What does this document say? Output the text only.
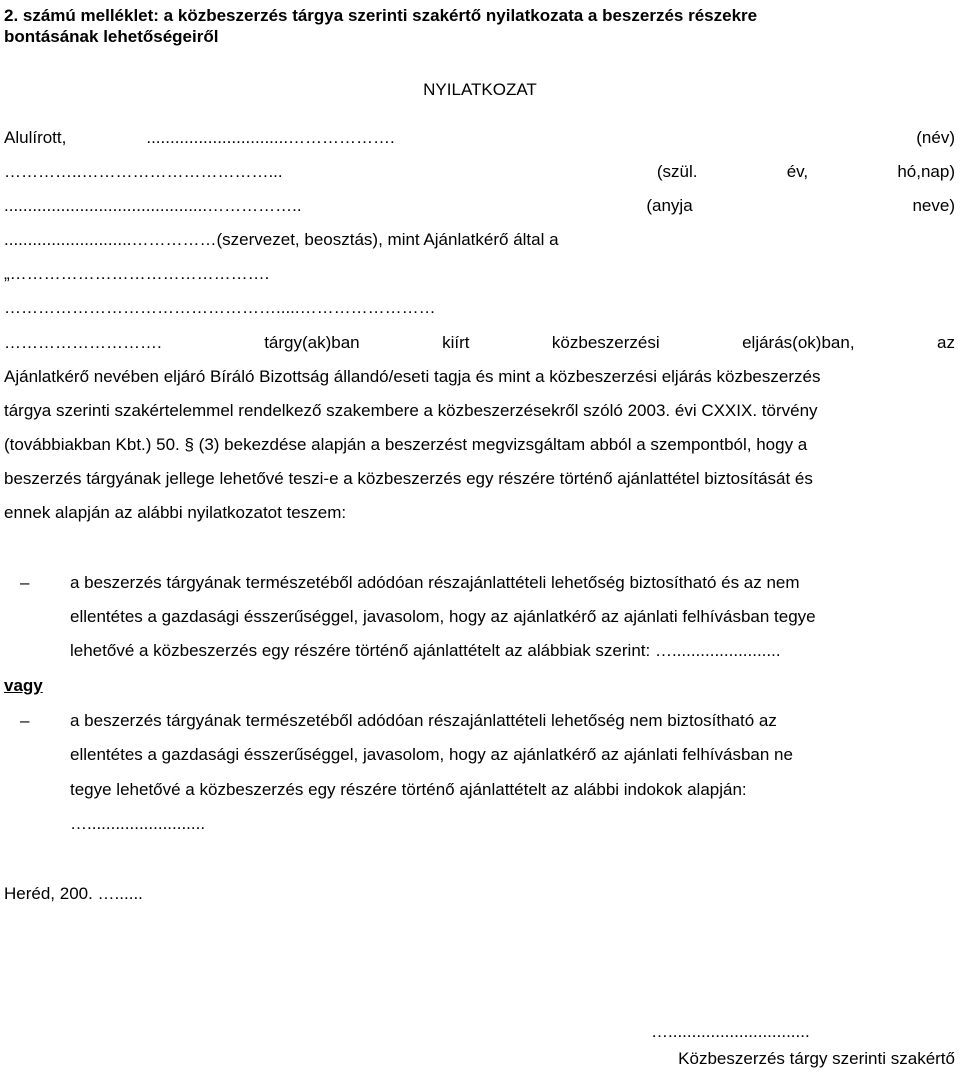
2. számú melléklet: a közbeszerzés tárgya szerinti szakértő nyilatkozata a beszerzés részekre
bontásának lehetőségeiről
NYILATKOZAT
Alulírott,	..............................……………….	(név)
…………..……………………………...	(szül.	év,	hó,nap)
...........................................……………..	(anyja	neve)
...........................……………(szervezet, beosztás), mint Ajánlatkérő által a
„……………………………………….
………………………………………….....……………………
……………………….	tárgy(ak)ban	kiírt	közbeszerzési	eljárás(ok)ban,	az
Ajánlatkérő nevében eljáró Bíráló Bizottság állandó/eseti tagja és mint a közbeszerzési eljárás közbeszerzés
tárgya szerinti szakértelemmel rendelkező szakembere a közbeszerzésekről szóló 2003. évi CXXIX. törvény
(továbbiakban Kbt.) 50. § (3) bekezdése alapján a beszerzést megvizsgáltam abból a szempontból, hogy a
beszerzés tárgyának jellege lehetővé teszi-e a közbeszerzés egy részére történő ajánlattétel biztosítását és
ennek alapján az alábbi nyilatkozatot teszem:
– a beszerzés tárgyának természetéből adódóan részajánlattételi lehetőség biztosítható és az nem
ellentétes a gazdasági ésszerűséggel, javasolom, hogy az ajánlatkérő az ajánlati felhívásban tegye
lehetővé a közbeszerzés egy részére történő ajánlattételt az alábbiak szerint: ….......................
vagy
– a beszerzés tárgyának természetéből adódóan részajánlattételi lehetőség nem biztosítható az
ellentétes a gazdasági ésszerűséggel, javasolom, hogy az ajánlatkérő az ajánlati felhívásban ne
tegye lehetővé a közbeszerzés egy részére történő ajánlattételt az alábbi indokok alapján:
….........................
Heréd, 200. …......
…..............................
Közbeszerzés tárgy szerinti szakértő
